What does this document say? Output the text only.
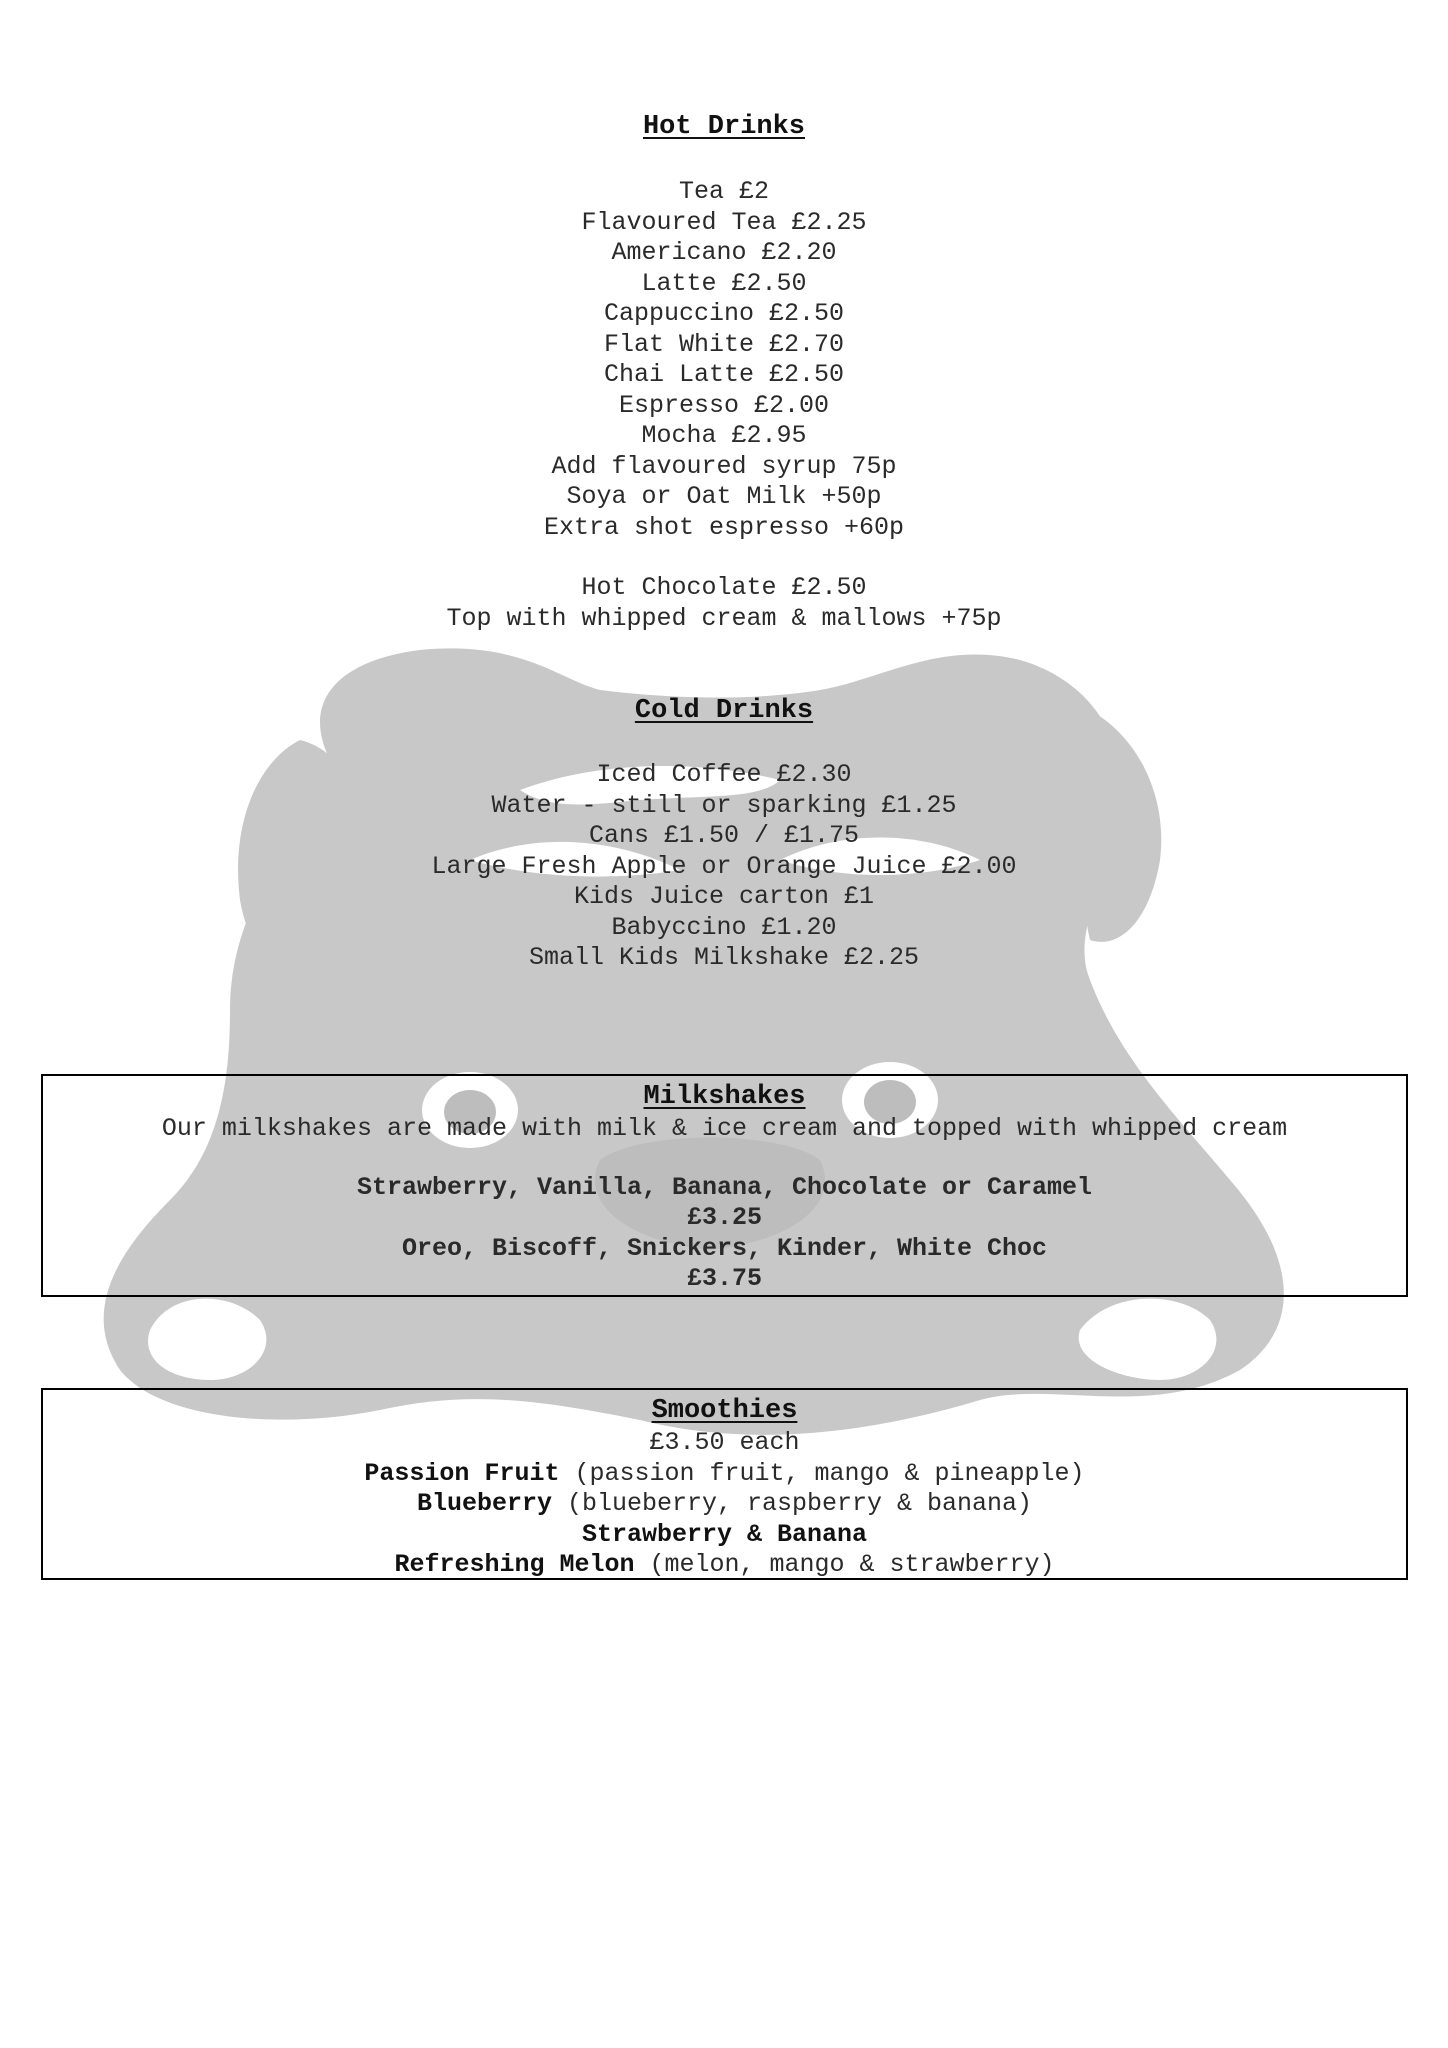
Hot Drinks
Tea £2
Flavoured Tea £2.25
Americano £2.20
Latte £2.50
Cappuccino £2.50
Flat White £2.70
Chai Latte £2.50
Espresso £2.00
Mocha £2.95
Add flavoured syrup 75p
Soya or Oat Milk +50p
Extra shot espresso +60p
Hot Chocolate £2.50
Top with whipped cream & mallows +75p
Cold Drinks
Iced Coffee £2.30
Water - still or sparking £1.25
Cans £1.50 / £1.75
Large Fresh Apple or Orange Juice £2.00
Kids Juice carton £1
Babyccino £1.20
Small Kids Milkshake £2.25
Milkshakes
Our milkshakes are made with milk & ice cream and topped with whipped cream
Strawberry, Vanilla, Banana, Chocolate or Caramel
£3.25
Oreo, Biscoff, Snickers, Kinder, White Choc
£3.75
Smoothies
£3.50 each
Passion Fruit (passion fruit, mango & pineapple)
Blueberry (blueberry, raspberry & banana)
Strawberry & Banana
Refreshing Melon (melon, mango & strawberry)
